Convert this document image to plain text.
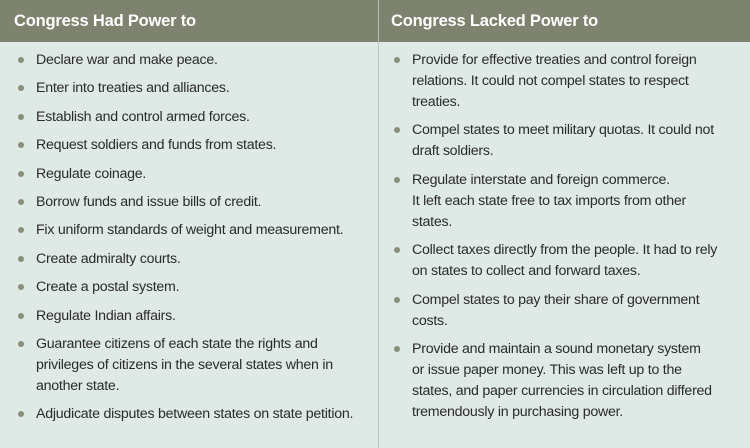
Congress Had Power to	Congress Lacked Power to
Declare war and make peace.
Enter into treaties and alliances.
Establish and control armed forces.
Request soldiers and funds from states.
Regulate coinage.
Borrow funds and issue bills of credit.
Fix uniform standards of weight and measurement.
Create admiralty courts.
Create a postal system.
Regulate Indian affairs.
Guarantee citizens of each state the rights and privileges of citizens in the several states when in another state.
Adjudicate disputes between states on state petition.
Provide for effective treaties and control foreign
relations. It could not compel states to respect
treaties.
Compel states to meet military quotas. It could not
draft soldiers.
Regulate interstate and foreign commerce.
It left each state free to tax imports from other
states.
Collect taxes directly from the people. It had to rely
on states to collect and forward taxes.
Compel states to pay their share of government
costs.
Provide and maintain a sound monetary system
or issue paper money. This was left up to the
states, and paper currencies in circulation differed
tremendously in purchasing power.
